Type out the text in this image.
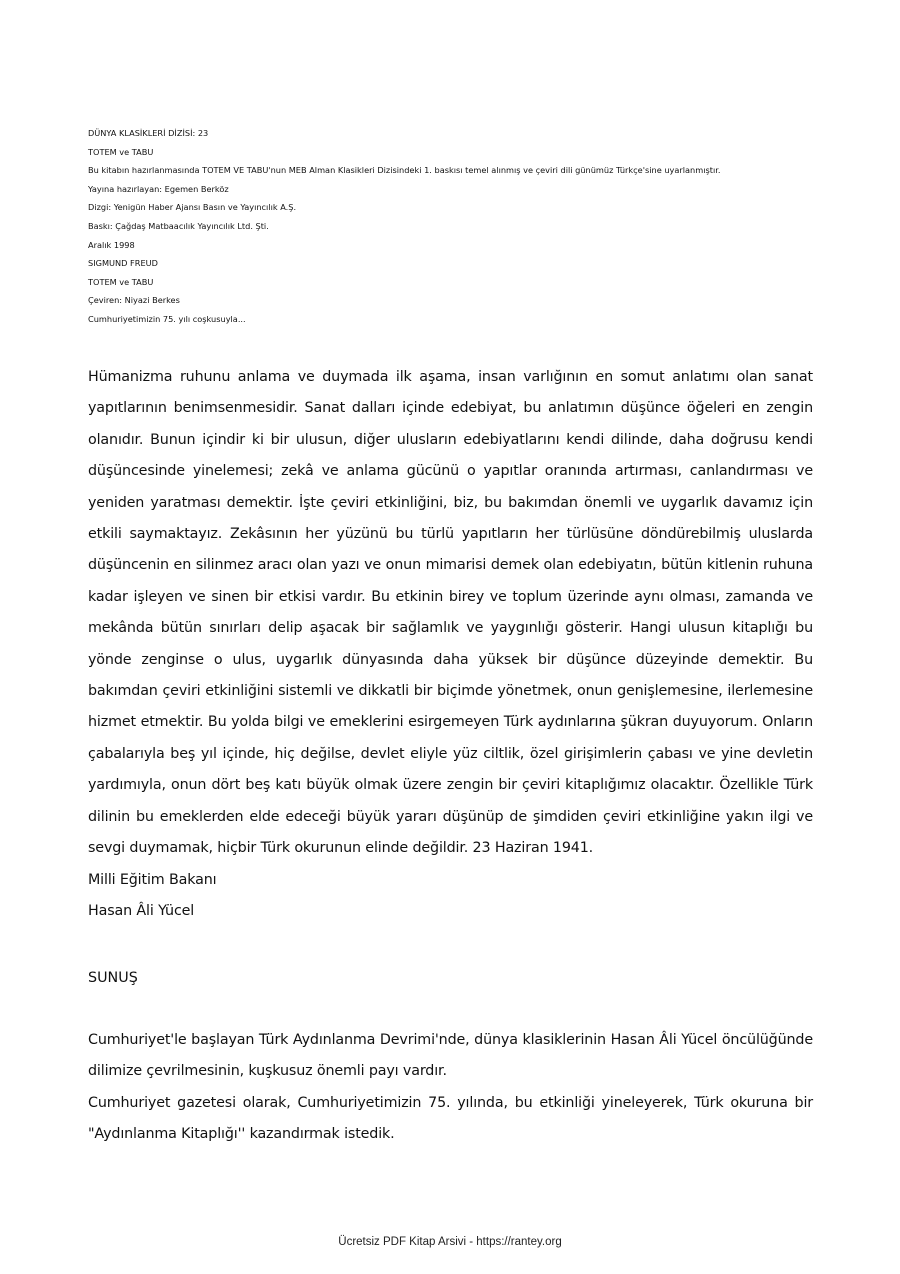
DÜNYA KLASİKLERİ DİZİSİ: 23
TOTEM ve TABU
Bu kitabın hazırlanmasında TOTEM VE TABU'nun MEB Alman Klasikleri Dizisindeki 1. baskısı temel alınmış ve çeviri dili günümüz Türkçe'sine uyarlanmıştır.
Yayına hazırlayan: Egemen Berköz
Dizgi: Yenigün Haber Ajansı Basın ve Yayıncılık A.Ş.
Baskı: Çağdaş Matbaacılık Yayıncılık Ltd. Şti.
Aralık 1998
SIGMUND FREUD
TOTEM ve TABU
Çeviren: Niyazi Berkes
Cumhuriyetimizin 75. yılı coşkusuyla...
Hümanizma ruhunu anlama ve duymada ilk aşama, insan varlığının en somut anlatımı olan sanat yapıtlarının benimsenmesidir. Sanat dalları içinde edebiyat, bu anlatımın düşünce öğeleri en zengin olanıdır. Bunun içindir ki bir ulusun, diğer ulusların edebiyatlarını kendi dilinde, daha doğrusu kendi düşüncesinde yinelemesi; zekâ ve anlama gücünü o yapıtlar oranında artırması, canlandırması ve yeniden yaratması demektir. İşte çeviri etkinliğini, biz, bu bakımdan önemli ve uygarlık davamız için etkili saymaktayız. Zekâsının her yüzünü bu türlü yapıtların her türlüsüne döndürebilmiş uluslarda düşüncenin en silinmez aracı olan yazı ve onun mimarisi demek olan edebiyatın, bütün kitlenin ruhuna kadar işleyen ve sinen bir etkisi vardır. Bu etkinin birey ve toplum üzerinde aynı olması, zamanda ve mekânda bütün sınırları delip aşacak bir sağlamlık ve yaygınlığı gösterir. Hangi ulusun kitaplığı bu yönde zenginse o ulus, uygarlık dünyasında daha yüksek bir düşünce düzeyinde demektir. Bu bakımdan çeviri etkinliğini sistemli ve dikkatli bir biçimde yönetmek, onun genişlemesine, ilerlemesine hizmet etmektir. Bu yolda bilgi ve emeklerini esirgemeyen Türk aydınlarına şükran duyuyorum. Onların çabalarıyla beş yıl içinde, hiç değilse, devlet eliyle yüz ciltlik, özel girişimlerin çabası ve yine devletin yardımıyla, onun dört beş katı büyük olmak üzere zengin bir çeviri kitaplığımız olacaktır. Özellikle Türk dilinin bu emeklerden elde edeceği büyük yararı düşünüp de şimdiden çeviri etkinliğine yakın ilgi ve sevgi duymamak, hiçbir Türk okurunun elinde değildir. 23 Haziran 1941.
Milli Eğitim Bakanı
Hasan Âli Yücel
SUNUŞ
Cumhuriyet'le başlayan Türk Aydınlanma Devrimi'nde, dünya klasiklerinin Hasan Âli Yücel öncülüğünde dilimize çevrilmesinin, kuşkusuz önemli payı vardır.
Cumhuriyet gazetesi olarak, Cumhuriyetimizin 75. yılında, bu etkinliği yineleyerek, Türk okuruna bir "Aydınlanma Kitaplığı'' kazandırmak istedik.
Ücretsiz PDF Kitap Arsivi - https://rantey.org
